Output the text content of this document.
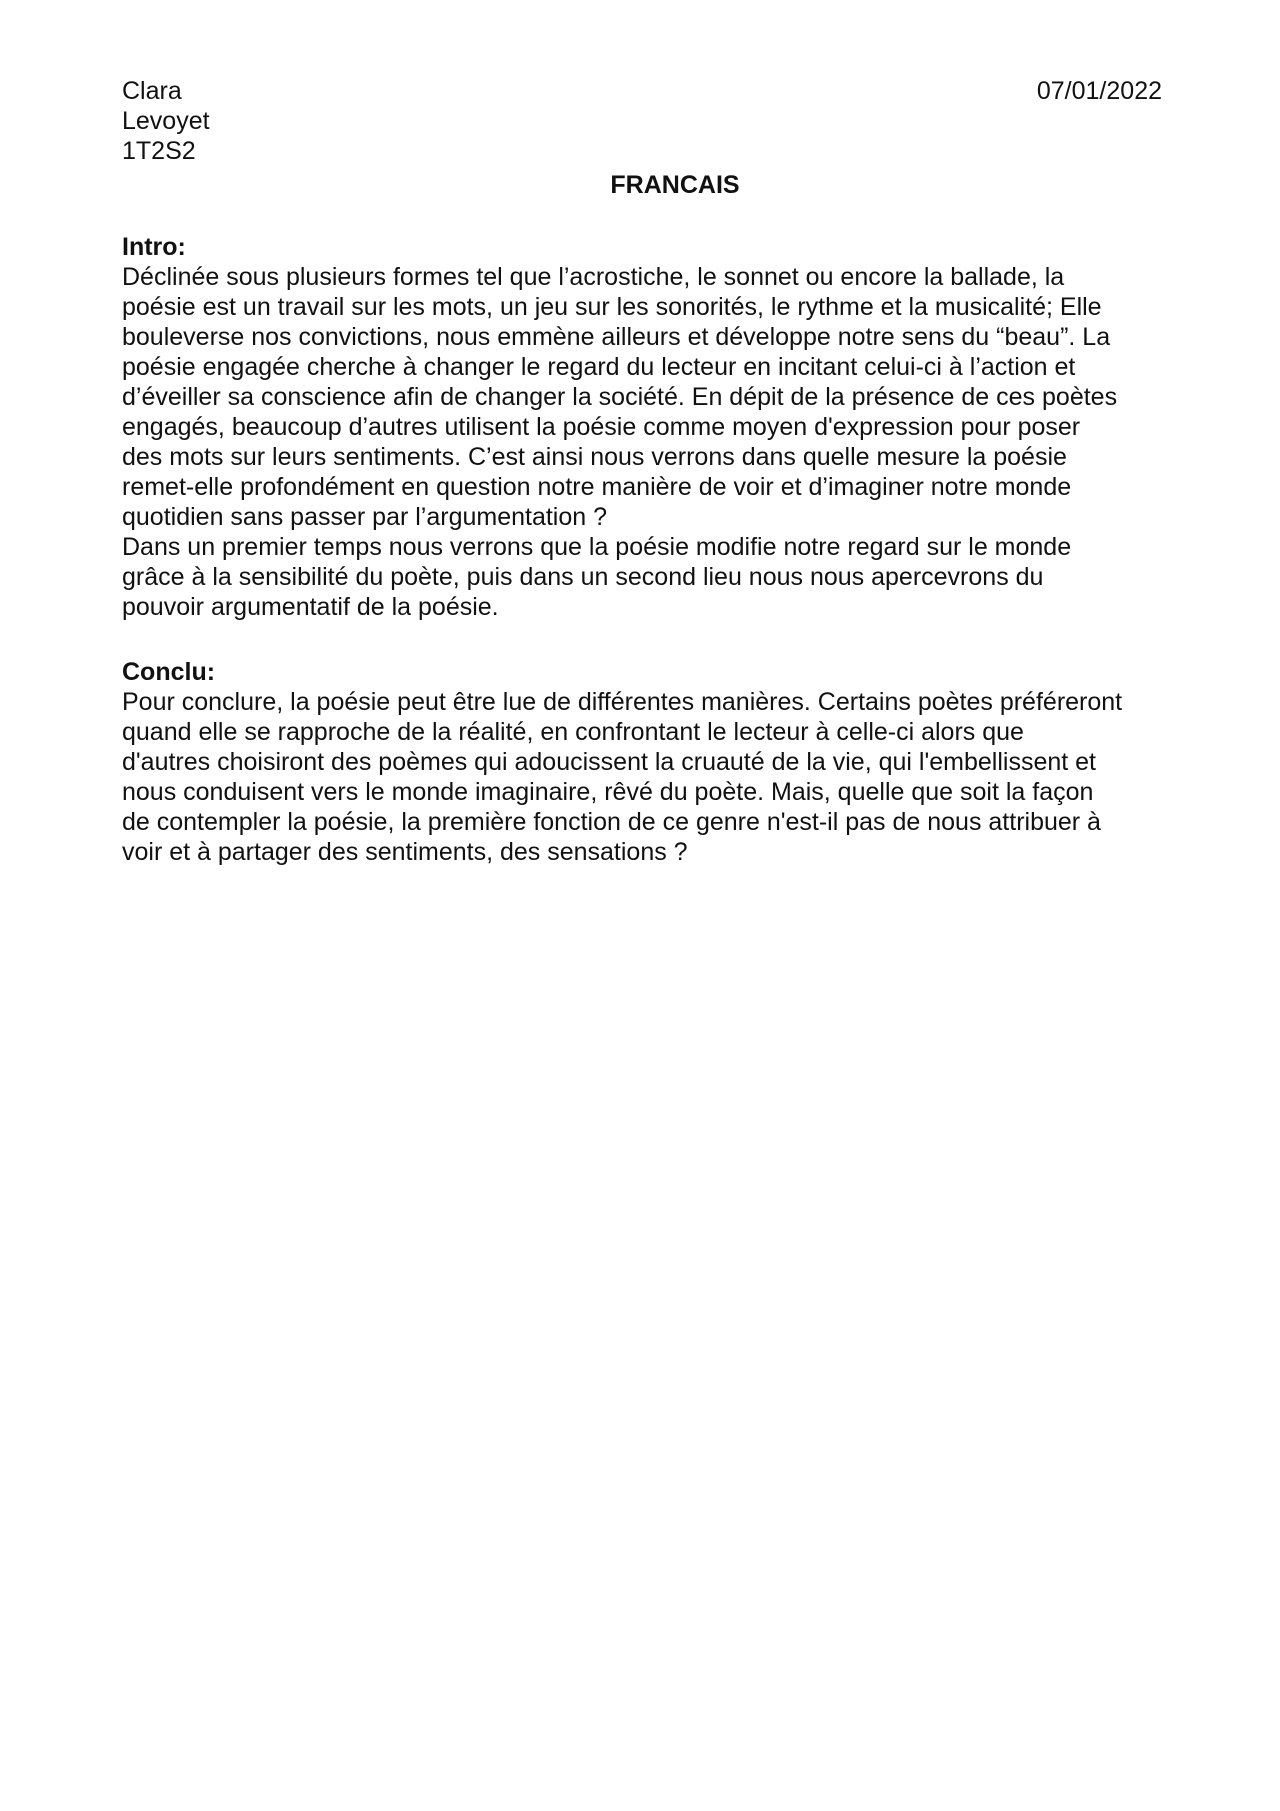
Clara
Levoyet
1T2S2
07/01/2022
FRANCAIS
Intro:

Déclinée sous plusieurs formes tel que l’acrostiche, le sonnet ou encore la ballade, la
poésie est un travail sur les mots, un jeu sur les sonorités, le rythme et la musicalité; Elle
bouleverse nos convictions, nous emmène ailleurs et développe notre sens du “beau”. La
poésie engagée cherche à changer le regard du lecteur en incitant celui-ci à l’action et
d’éveiller sa conscience afin de changer la société. En dépit de la présence de ces poètes
engagés, beaucoup d’autres utilisent la poésie comme moyen d'expression pour poser
des mots sur leurs sentiments. C’est ainsi nous verrons dans quelle mesure la poésie
remet-elle profondément en question notre manière de voir et d’imaginer notre monde
quotidien sans passer par l’argumentation ?

Dans un premier temps nous verrons que la poésie modifie notre regard sur le monde
grâce à la sensibilité du poète, puis dans un second lieu nous nous apercevrons du
pouvoir argumentatif de la poésie.

Conclu:

Pour conclure, la poésie peut être lue de différentes manières. Certains poètes préféreront
quand elle se rapproche de la réalité, en confrontant le lecteur à celle-ci alors que
d'autres choisiront des poèmes qui adoucissent la cruauté de la vie, qui l'embellissent et
nous conduisent vers le monde imaginaire, rêvé du poète. Mais, quelle que soit la façon
de contempler la poésie, la première fonction de ce genre n'est-il pas de nous attribuer à
voir et à partager des sentiments, des sensations ?
